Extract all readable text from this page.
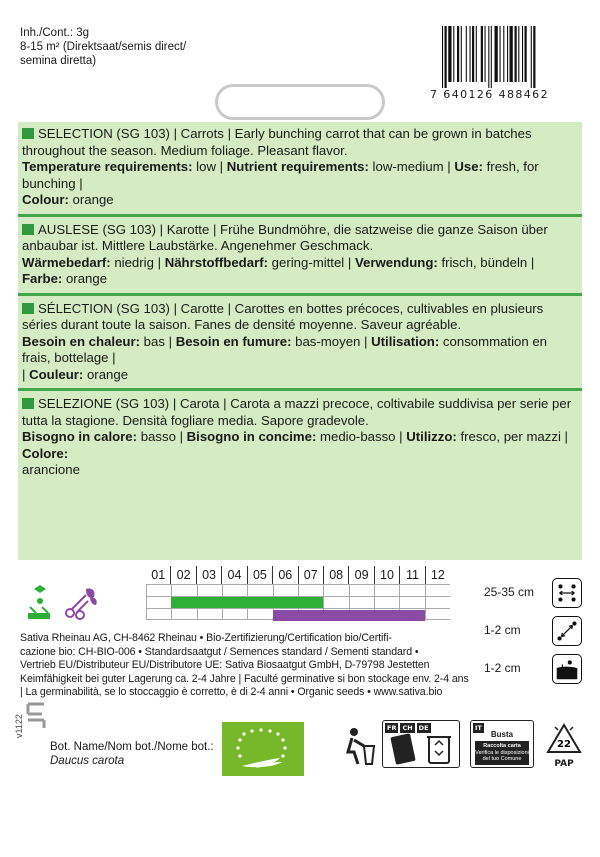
Inh./Cont.: 3g
8-15 m² (Direktsaat/semis direct/
semina diretta)
7 640126 488462
SELECTION (SG 103) | Carrots | Early bunching carrot that can be grown in batches throughout the season. Medium foliage. Pleasant flavor.
Temperature requirements: low | Nutrient requirements: low-medium | Use: fresh, for bunching |
Colour: orange
AUSLESE (SG 103) | Karotte | Frühe Bundmöhre, die satzweise die ganze Saison über anbaubar ist. Mittlere Laubstärke. Angenehmer Geschmack.
Wärmebedarf: niedrig | Nährstoffbedarf: gering-mittel | Verwendung: frisch, bündeln | Farbe: orange
SÉLECTION (SG 103) | Carotte | Carottes en bottes précoces, cultivables en plusieurs séries durant toute la saison. Fanes de densité moyenne. Saveur agréable.
Besoin en chaleur: bas | Besoin en fumure: bas-moyen | Utilisation: consommation en frais, bottelage |
| Couleur: orange
SELEZIONE (SG 103) | Carota | Carota a mazzi precoce, coltivabile suddivisa per serie per tutta la stagione. Densità fogliare media. Sapore gradevole.
Bisogno in calore: basso | Bisogno in concime: medio-basso | Utilizzo: fresco, per mazzi | Colore:
arancione
01 02 03 04 05 06 07 08 09 10 11 12
25-35 cm
1-2 cm
1-2 cm
Sativa Rheinau AG, CH-8462 Rheinau • Bio-Zertifizierung/Certification bio/Certifi-
cazione bio: CH-BIO-006 • Standardsaatgut / Semences standard / Sementi standard •
Vertrieb EU/Distributeur EU/Distributore UE: Sativa Biosaatgut GmbH, D-79798 Jestetten
Keimfähigkeit bei guter Lagerung ca. 2-4 Jahre | Faculté germinative si bon stockage env. 2-4 ans
| La germinabilità, se lo stoccaggio è corretto, è di 2-4 anni • Organic seeds • www.sativa.bio
v1122
Bot. Name/Nom bot./Nome bot.:
Daucus carota
FR CH DE	IT
Busta
Raccolta carta
Verifica le disposizioni
del tuo Comune
22
PAP
